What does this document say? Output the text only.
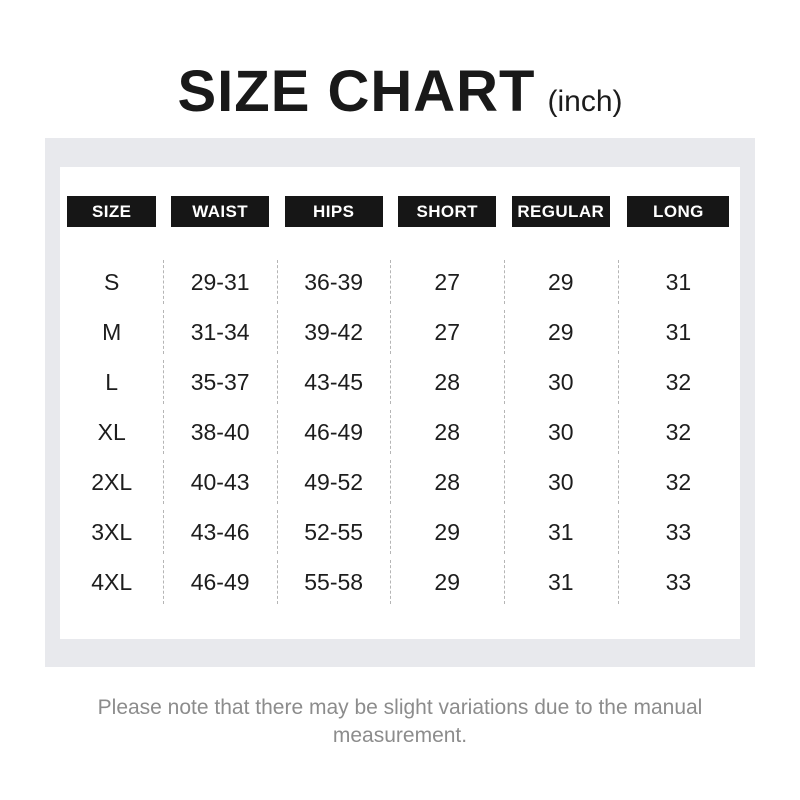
SIZE CHART (inch)
SIZE	WAIST	HIPS	SHORT	REGULAR	LONG
S	29-31	36-39	27	29	31
M	31-34	39-42	27	29	31
L	35-37	43-45	28	30	32
XL	38-40	46-49	28	30	32
2XL	40-43	49-52	28	30	32
3XL	43-46	52-55	29	31	33
4XL	46-49	55-58	29	31	33
Please note that there may be slight variations due to the manual measurement.
